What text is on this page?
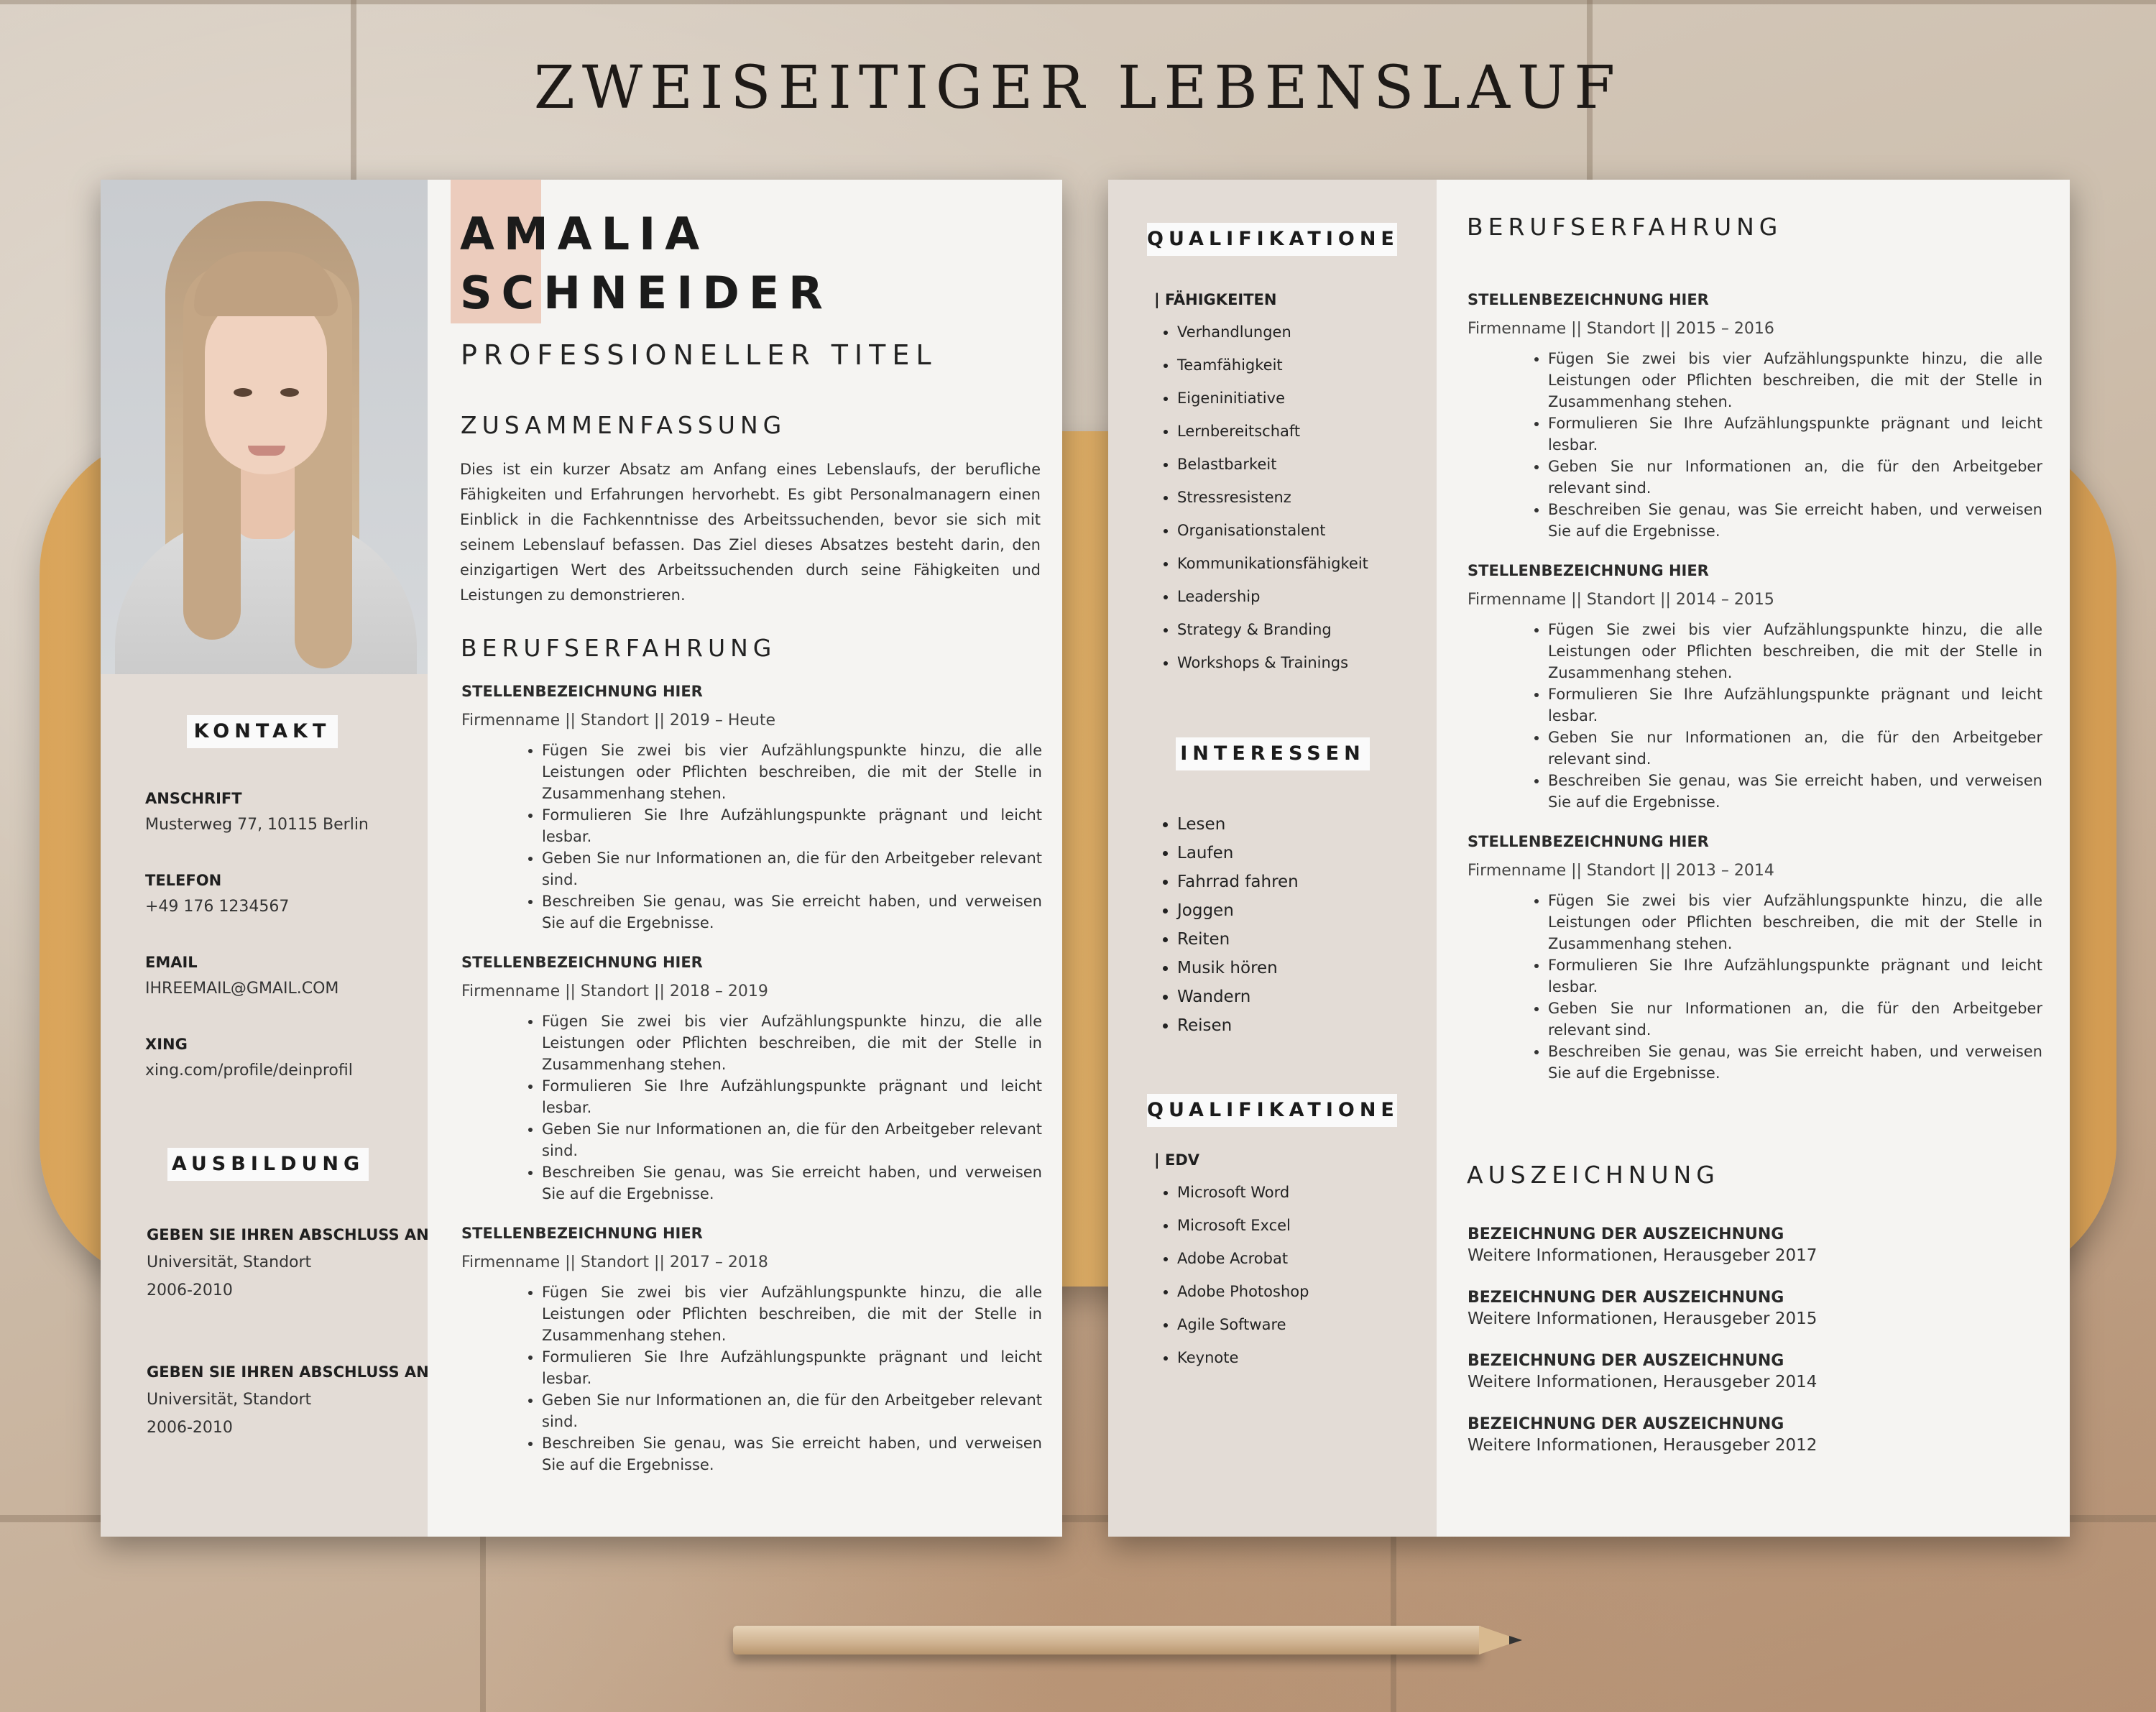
ZWEISEITIGER LEBENSLAUF
AMALIA
SCHNEIDER
PROFESSIONELLER TITEL
ZUSAMMENFASSUNG
Dies ist ein kurzer Absatz am Anfang eines Lebenslaufs, der berufliche Fähigkeiten und Erfahrungen hervorhebt. Es gibt Personalmanagern einen Einblick in die Fachkenntnisse des Arbeitssuchenden, bevor sie sich mit seinem Lebenslauf befassen. Das Ziel dieses Absatzes besteht darin, den einzigartigen Wert des Arbeitssuchenden durch seine Fähigkeiten und Leistungen zu demonstrieren.
BERUFSERFAHRUNG
STELLENBEZEICHNUNG HIER
Firmenname || Standort || 2019 – Heute
• Fügen Sie zwei bis vier Aufzählungspunkte hinzu, die alle Leistungen oder Pflichten beschreiben, die mit der Stelle in Zusammenhang stehen.
• Formulieren Sie Ihre Aufzählungspunkte prägnant und leicht lesbar.
• Geben Sie nur Informationen an, die für den Arbeitgeber relevant sind.
• Beschreiben Sie genau, was Sie erreicht haben, und verweisen Sie auf die Ergebnisse.
STELLENBEZEICHNUNG HIER
Firmenname || Standort || 2018 – 2019
• Fügen Sie zwei bis vier Aufzählungspunkte hinzu, die alle Leistungen oder Pflichten beschreiben, die mit der Stelle in Zusammenhang stehen.
• Formulieren Sie Ihre Aufzählungspunkte prägnant und leicht lesbar.
• Geben Sie nur Informationen an, die für den Arbeitgeber relevant sind.
• Beschreiben Sie genau, was Sie erreicht haben, und verweisen Sie auf die Ergebnisse.
STELLENBEZEICHNUNG HIER
Firmenname || Standort || 2017 – 2018
• Fügen Sie zwei bis vier Aufzählungspunkte hinzu, die alle Leistungen oder Pflichten beschreiben, die mit der Stelle in Zusammenhang stehen.
• Formulieren Sie Ihre Aufzählungspunkte prägnant und leicht lesbar.
• Geben Sie nur Informationen an, die für den Arbeitgeber relevant sind.
• Beschreiben Sie genau, was Sie erreicht haben, und verweisen Sie auf die Ergebnisse.
KONTAKT
ANSCHRIFT
Musterweg 77, 10115 Berlin
TELEFON
+49 176 1234567
EMAIL
IHREEMAIL@GMAIL.COM
XING
xing.com/profile/deinprofil
AUSBILDUNG
GEBEN SIE IHREN ABSCHLUSS AN
Universität, Standort
2006-2010
GEBEN SIE IHREN ABSCHLUSS AN
Universität, Standort
2006-2010
QUALIFIKATIONE
| FÄHIGKEITEN
• Verhandlungen
• Teamfähigkeit
• Eigeninitiative
• Lernbereitschaft
• Belastbarkeit
• Stressresistenz
• Organisationstalent
• Kommunikationsfähigkeit
• Leadership
• Strategy & Branding
• Workshops & Trainings
INTERESSEN
• Lesen
• Laufen
• Fahrrad fahren
• Joggen
• Reiten
• Musik hören
• Wandern
• Reisen
QUALIFIKATIONE
| EDV
• Microsoft Word
• Microsoft Excel
• Adobe Acrobat
• Adobe Photoshop
• Agile Software
• Keynote
BERUFSERFAHRUNG
STELLENBEZEICHNUNG HIER
Firmenname || Standort || 2015 – 2016
• Fügen Sie zwei bis vier Aufzählungspunkte hinzu, die alle Leistungen oder Pflichten beschreiben, die mit der Stelle in Zusammenhang stehen.
• Formulieren Sie Ihre Aufzählungspunkte prägnant und leicht lesbar.
• Geben Sie nur Informationen an, die für den Arbeitgeber relevant sind.
• Beschreiben Sie genau, was Sie erreicht haben, und verweisen Sie auf die Ergebnisse.
STELLENBEZEICHNUNG HIER
Firmenname || Standort || 2014 – 2015
• Fügen Sie zwei bis vier Aufzählungspunkte hinzu, die alle Leistungen oder Pflichten beschreiben, die mit der Stelle in Zusammenhang stehen.
• Formulieren Sie Ihre Aufzählungspunkte prägnant und leicht lesbar.
• Geben Sie nur Informationen an, die für den Arbeitgeber relevant sind.
• Beschreiben Sie genau, was Sie erreicht haben, und verweisen Sie auf die Ergebnisse.
STELLENBEZEICHNUNG HIER
Firmenname || Standort || 2013 – 2014
• Fügen Sie zwei bis vier Aufzählungspunkte hinzu, die alle Leistungen oder Pflichten beschreiben, die mit der Stelle in Zusammenhang stehen.
• Formulieren Sie Ihre Aufzählungspunkte prägnant und leicht lesbar.
• Geben Sie nur Informationen an, die für den Arbeitgeber relevant sind.
• Beschreiben Sie genau, was Sie erreicht haben, und verweisen Sie auf die Ergebnisse.
AUSZEICHNUNG
BEZEICHNUNG DER AUSZEICHNUNG
Weitere Informationen, Herausgeber 2017
BEZEICHNUNG DER AUSZEICHNUNG
Weitere Informationen, Herausgeber 2015
BEZEICHNUNG DER AUSZEICHNUNG
Weitere Informationen, Herausgeber 2014
BEZEICHNUNG DER AUSZEICHNUNG
Weitere Informationen, Herausgeber 2012
